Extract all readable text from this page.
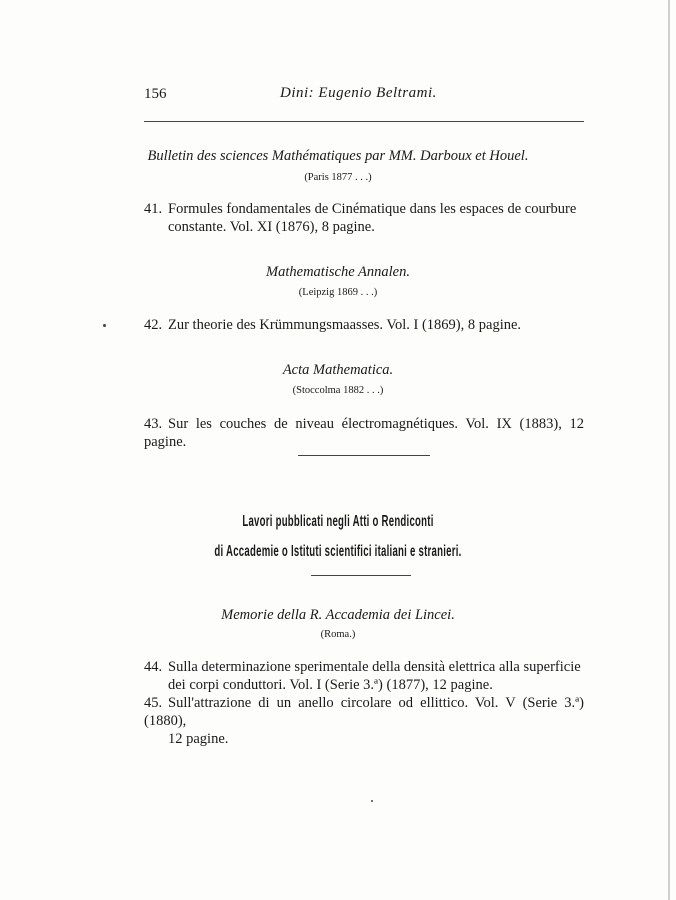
156	Dini: Eugenio Beltrami.
Bulletin des sciences Mathématiques par MM. Darboux et Houel.
(Paris 1877 . . .)
41. Formules fondamentales de Cinématique dans les espaces de courbure
constante. Vol. XI (1876), 8 pagine.
Mathematische Annalen.
(Leipzig 1869 . . .)
42. Zur theorie des Krümmungsmaasses. Vol. I (1869), 8 pagine.
Acta Mathematica.
(Stoccolma 1882 . . .)
43. Sur les couches de niveau électromagnétiques. Vol. IX (1883), 12 pagine.
Lavori pubblicati negli Atti o Rendiconti
di Accademie o Istituti scientifici italiani e stranieri.
Memorie della R. Accademia dei Lincei.
(Roma.)
44. Sulla determinazione sperimentale della densità elettrica alla superficie
dei corpi conduttori. Vol. I (Serie 3.ª) (1877), 12 pagine.
45. Sull'attrazione di un anello circolare od ellittico. Vol. V (Serie 3.ª) (1880),
12 pagine.
